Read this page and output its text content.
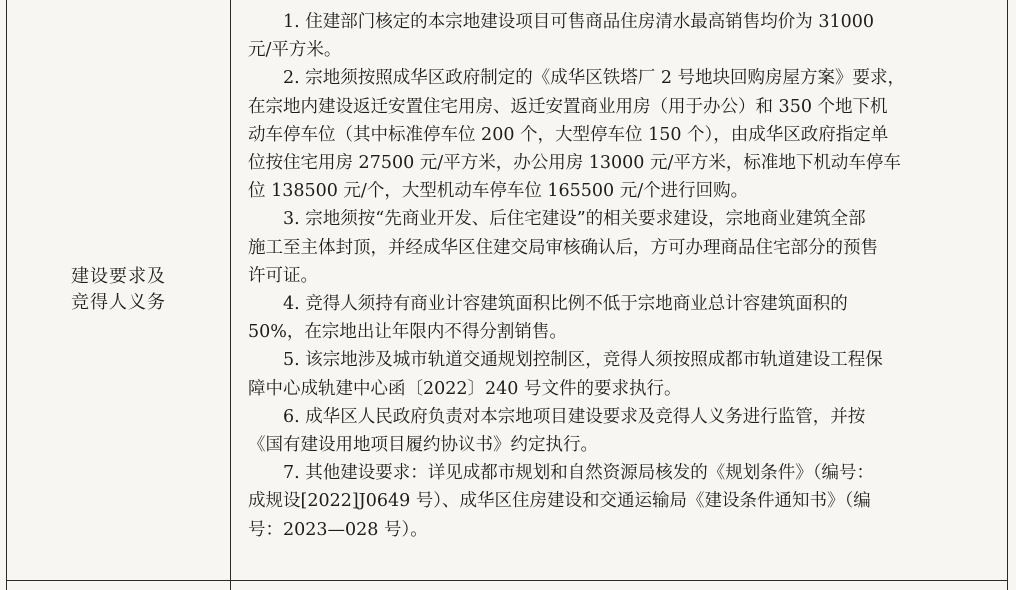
建设要求及
竞得人义务
1. 住建部门核定的本宗地建设项目可售商品住房清水最高销售均价为 31000
元/平方米。
2. 宗地须按照成华区政府制定的《成华区铁塔厂 2 号地块回购房屋方案》要求，
在宗地内建设返迁安置住宅用房、返迁安置商业用房（用于办公）和 350 个地下机
动车停车位（其中标准停车位 200 个，大型停车位 150 个），由成华区政府指定单
位按住宅用房 27500 元/平方米，办公用房 13000 元/平方米，标准地下机动车停车
位 138500 元/个，大型机动车停车位 165500 元/个进行回购。
3. 宗地须按“先商业开发、后住宅建设”的相关要求建设，宗地商业建筑全部
施工至主体封顶，并经成华区住建交局审核确认后，方可办理商品住宅部分的预售
许可证。
4. 竞得人须持有商业计容建筑面积比例不低于宗地商业总计容建筑面积的
50%，在宗地出让年限内不得分割销售。
5. 该宗地涉及城市轨道交通规划控制区，竞得人须按照成都市轨道建设工程保
障中心成轨建中心函〔2022〕240 号文件的要求执行。
6. 成华区人民政府负责对本宗地项目建设要求及竞得人义务进行监管，并按
《国有建设用地项目履约协议书》约定执行。
7. 其他建设要求：详见成都市规划和自然资源局核发的《规划条件》（编号：
成规设[2022]J0649 号）、成华区住房建设和交通运输局《建设条件通知书》（编
号：2023—028 号）。
